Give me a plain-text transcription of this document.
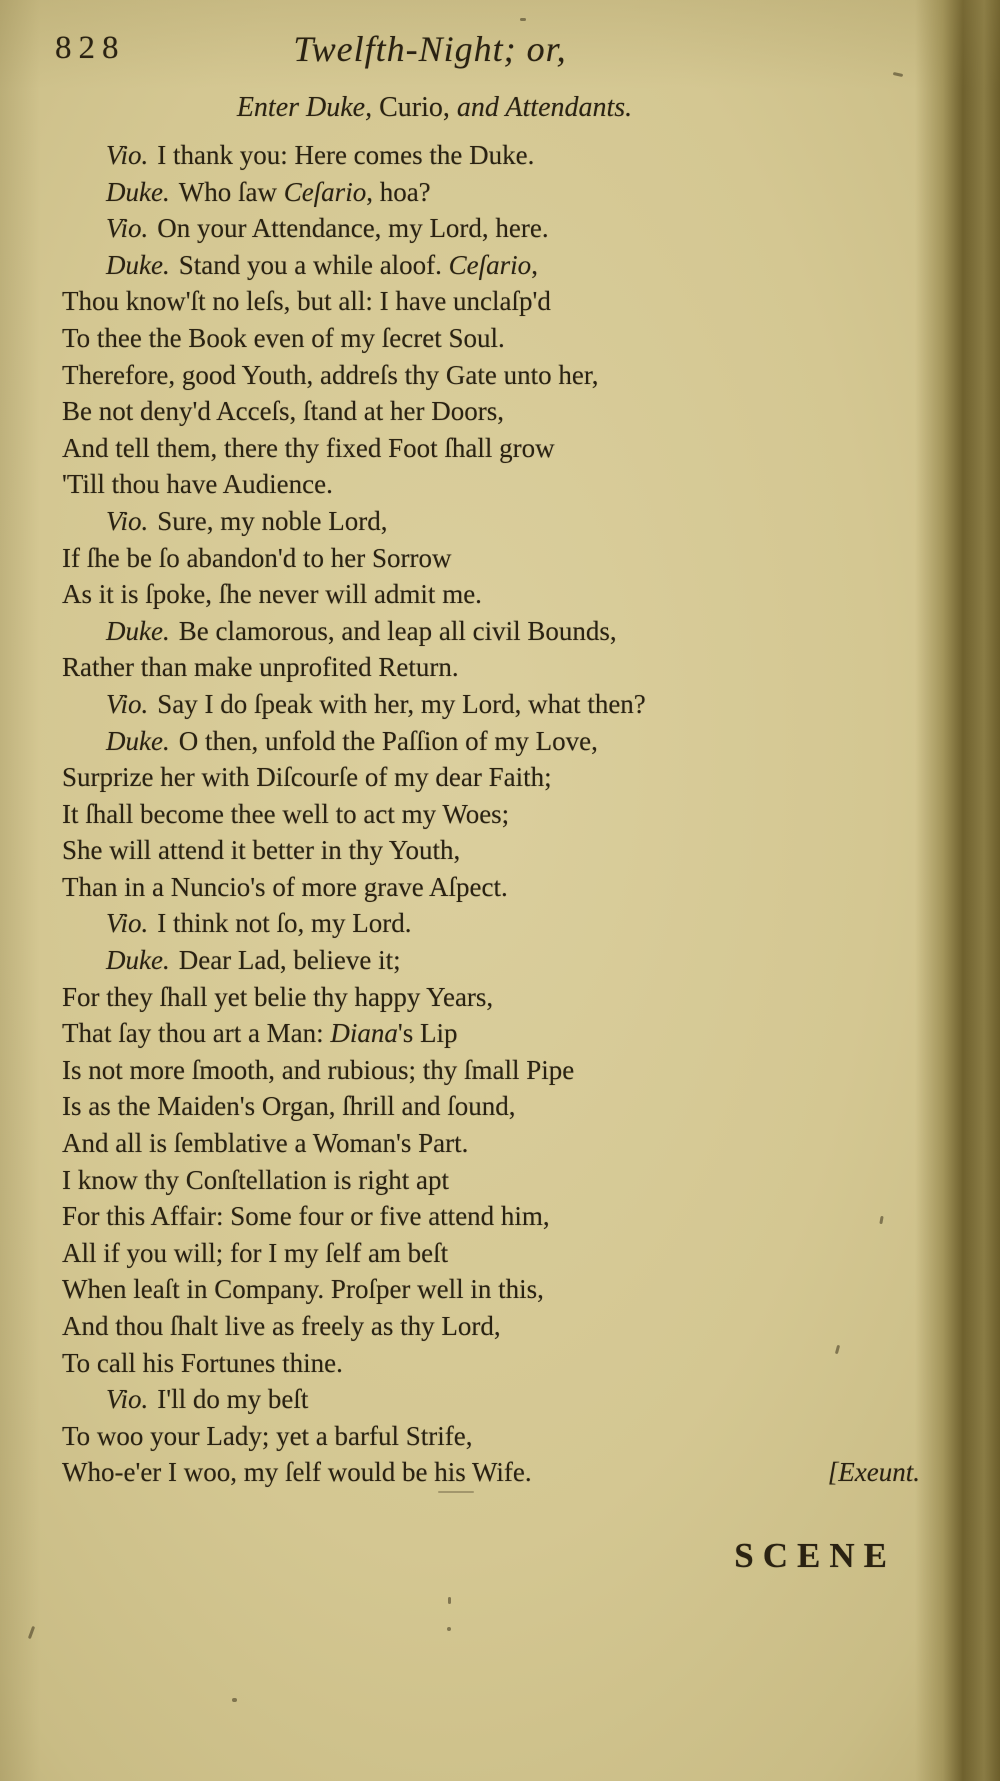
828	Twelfth-Night; or,
Enter Duke, Curio, and Attendants.
Vio. I thank you: Here comes the Duke.
Duke. Who ſaw Ceſario, hoa?
Vio. On your Attendance, my Lord, here.
Duke. Stand you a while aloof. Ceſario,
Thou know'ſt no leſs, but all: I have unclaſp'd
To thee the Book even of my ſecret Soul.
Therefore, good Youth, addreſs thy Gate unto her,
Be not deny'd Acceſs, ſtand at her Doors,
And tell them, there thy fixed Foot ſhall grow
'Till thou have Audience.
Vio. Sure, my noble Lord,
If ſhe be ſo abandon'd to her Sorrow
As it is ſpoke, ſhe never will admit me.
Duke. Be clamorous, and leap all civil Bounds,
Rather than make unprofited Return.
Vio. Say I do ſpeak with her, my Lord, what then?
Duke. O then, unfold the Paſſion of my Love,
Surprize her with Diſcourſe of my dear Faith;
It ſhall become thee well to act my Woes;
She will attend it better in thy Youth,
Than in a Nuncio's of more grave Aſpect.
Vio. I think not ſo, my Lord.
Duke. Dear Lad, believe it;
For they ſhall yet belie thy happy Years,
That ſay thou art a Man: Diana's Lip
Is not more ſmooth, and rubious; thy ſmall Pipe
Is as the Maiden's Organ, ſhrill and ſound,
And all is ſemblative a Woman's Part.
I know thy Conſtellation is right apt
For this Affair: Some four or five attend him,
All if you will; for I my ſelf am beſt
When leaſt in Company. Proſper well in this,
And thou ſhalt live as freely as thy Lord,
To call his Fortunes thine.
Vio. I'll do my beſt
To woo your Lady; yet a barful Strife,
Who-e'er I woo, my ſelf would be his Wife.	[Exeunt.
SCENE
